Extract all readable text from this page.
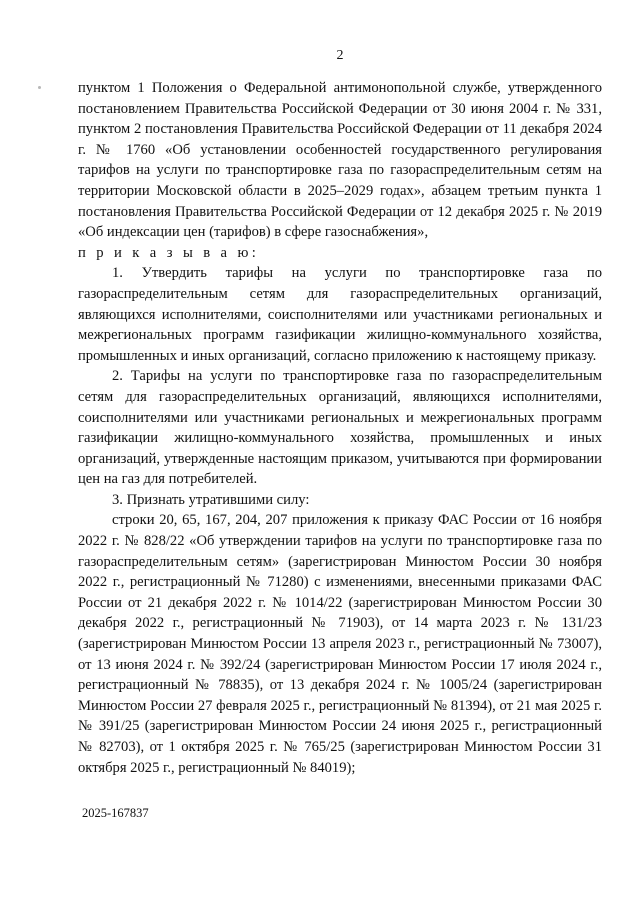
2

пунктом 1 Положения о Федеральной антимонопольной службе, утвержденного постановлением Правительства Российской Федерации от 30 июня 2004 г. № 331, пунктом 2 постановления Правительства Российской Федерации от 11 декабря 2024 г. № 1760 «Об установлении особенностей государственного регулирования тарифов на услуги по транспортировке газа по газораспределительным сетям на территории Московской области в 2025–2029 годах», абзацем третьим пункта 1 постановления Правительства Российской Федерации от 12 декабря 2025 г. № 2019 «Об индексации цен (тарифов) в сфере газоснабжения»,

п р и к а з ы в а ю:

1. Утвердить тарифы на услуги по транспортировке газа по газораспределительным сетям для газораспределительных организаций, являющихся исполнителями, соисполнителями или участниками региональных и межрегиональных программ газификации жилищно-коммунального хозяйства, промышленных и иных организаций, согласно приложению к настоящему приказу.

2. Тарифы на услуги по транспортировке газа по газораспределительным сетям для газораспределительных организаций, являющихся исполнителями, соисполнителями или участниками региональных и межрегиональных программ газификации жилищно-коммунального хозяйства, промышленных и иных организаций, утвержденные настоящим приказом, учитываются при формировании цен на газ для потребителей.

3. Признать утратившими силу:

строки 20, 65, 167, 204, 207 приложения к приказу ФАС России от 16 ноября 2022 г. № 828/22 «Об утверждении тарифов на услуги по транспортировке газа по газораспределительным сетям» (зарегистрирован Минюстом России 30 ноября 2022 г., регистрационный № 71280) с изменениями, внесенными приказами ФАС России от 21 декабря 2022 г. № 1014/22 (зарегистрирован Минюстом России 30 декабря 2022 г., регистрационный № 71903), от 14 марта 2023 г. № 131/23 (зарегистрирован Минюстом России 13 апреля 2023 г., регистрационный № 73007), от 13 июня 2024 г. № 392/24 (зарегистрирован Минюстом России 17 июля 2024 г., регистрационный № 78835), от 13 декабря 2024 г. № 1005/24 (зарегистрирован Минюстом России 27 февраля 2025 г., регистрационный № 81394), от 21 мая 2025 г. № 391/25 (зарегистрирован Минюстом России 24 июня 2025 г., регистрационный № 82703), от 1 октября 2025 г. № 765/25 (зарегистрирован Минюстом России 31 октября 2025 г., регистрационный № 84019);

2025-167837
